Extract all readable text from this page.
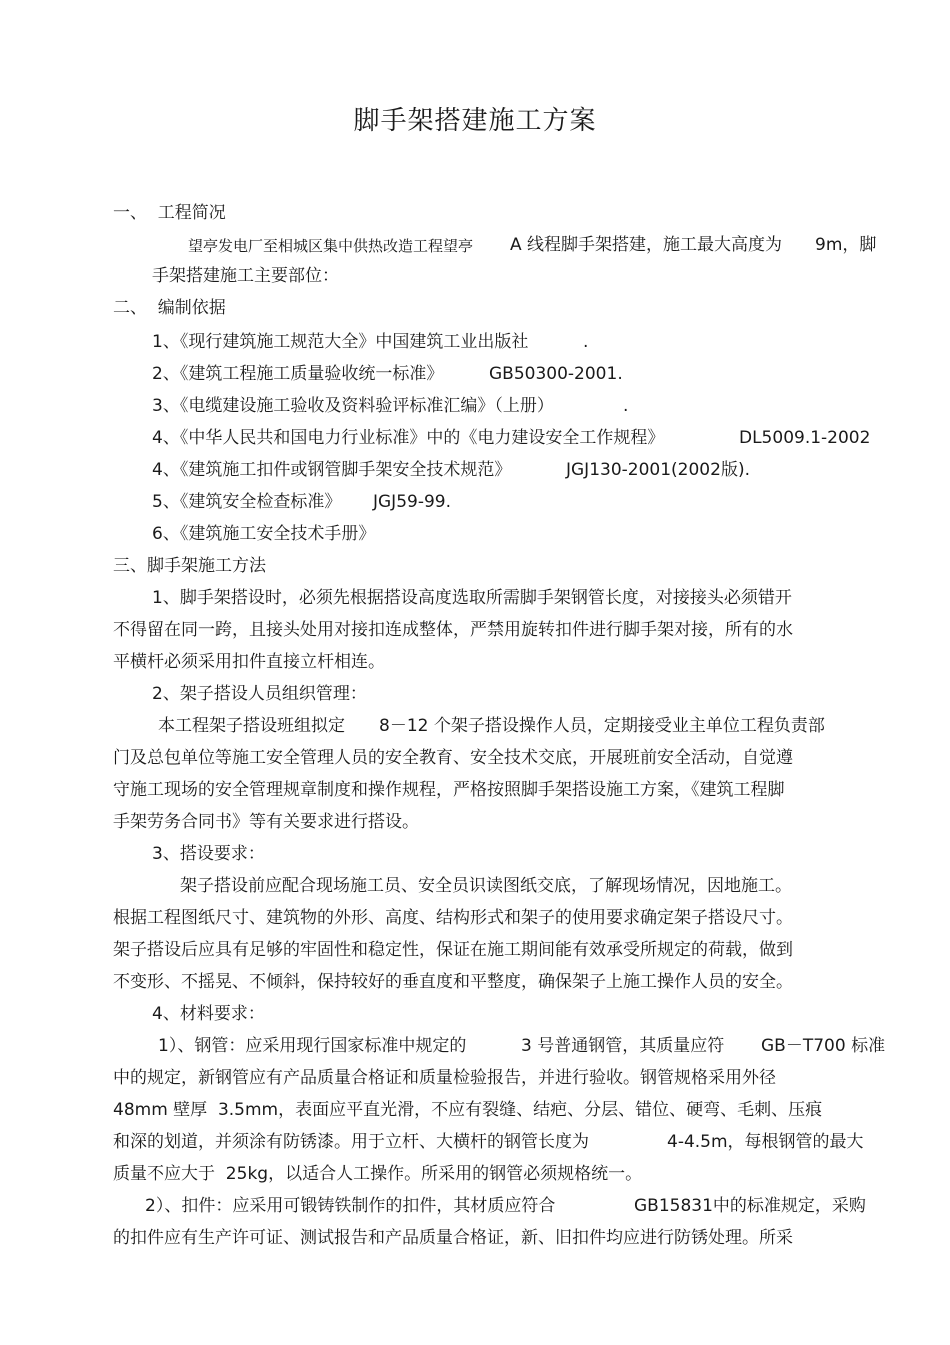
脚手架搭建施工方案
一、  工程简况
望亭发电厂至相城区集中供热改造工程望亭 A 线程脚手架搭建，施工最大高度为 9m，脚
手架搭建施工主要部位：
二、  编制依据
1、《现行建筑施工规范大全》中国建筑工业出版社	.
2、《建筑工程施工质量验收统一标准》	GB50300-2001.
3、《电缆建设施工验收及资料验评标准汇编》（上册）	.
4、《中华人民共和国电力行业标准》中的《电力建设安全工作规程》	DL5009.1-2002
4、《建筑施工扣件或钢管脚手架安全技术规范》	JGJ130-2001(2002版).
5、《建筑安全检查标准》 JGJ59-99.
6、《建筑施工安全技术手册》
三、脚手架施工方法
1、脚手架搭设时，必须先根据搭设高度选取所需脚手架钢管长度，对接接头必须错开
不得留在同一跨，且接头处用对接扣连成整体，严禁用旋转扣件进行脚手架对接，所有的水
平横杆必须采用扣件直接立杆相连。
2、架子搭设人员组织管理：
本工程架子搭设班组拟定 8－12 个架子搭设操作人员，定期接受业主单位工程负责部
门及总包单位等施工安全管理人员的安全教育、安全技术交底，开展班前安全活动，自觉遵
守施工现场的安全管理规章制度和操作规程，严格按照脚手架搭设施工方案，《建筑工程脚
手架劳务合同书》等有关要求进行搭设。
3、搭设要求：
架子搭设前应配合现场施工员、安全员识读图纸交底，了解现场情况，因地施工。
根据工程图纸尺寸、建筑物的外形、高度、结构形式和架子的使用要求确定架子搭设尺寸。
架子搭设后应具有足够的牢固性和稳定性，保证在施工期间能有效承受所规定的荷载，做到
不变形、不摇晃、不倾斜，保持较好的垂直度和平整度，确保架子上施工操作人员的安全。
4、材料要求：
1）、钢管：应采用现行国家标准中规定的	3 号普通钢管，其质量应符 GB－T700 标准
中的规定，新钢管应有产品质量合格证和质量检验报告，并进行验收。钢管规格采用外径
48mm 壁厚  3.5mm，表面应平直光滑，不应有裂缝、结疤、分层、错位、硬弯、毛刺、压痕
和深的划道，并须涂有防锈漆。用于立杆、大横杆的钢管长度为	4-4.5m，每根钢管的最大
质量不应大于  25kg，以适合人工操作。所采用的钢管必须规格统一。
2）、扣件：应采用可锻铸铁制作的扣件，其材质应符合	GB15831中的标准规定，采购
的扣件应有生产许可证、测试报告和产品质量合格证，新、旧扣件均应进行防锈处理。所采
